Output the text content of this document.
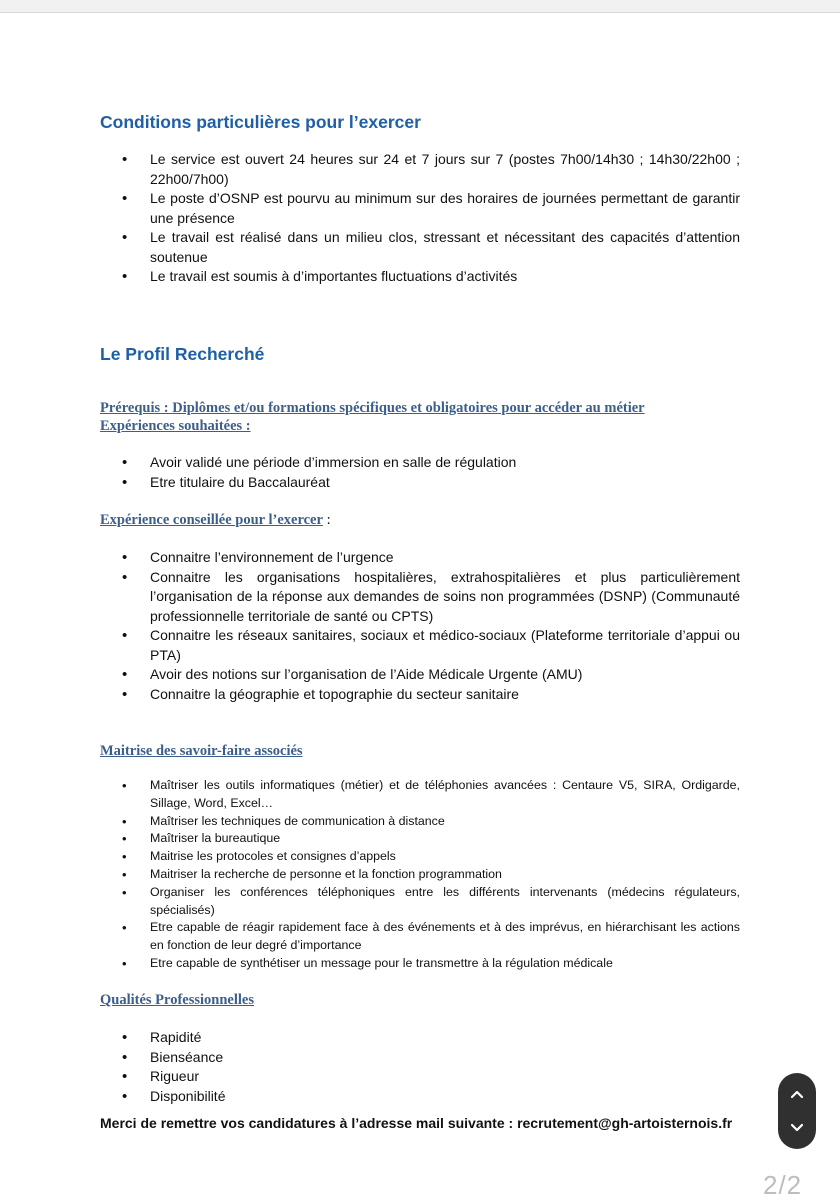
Conditions particulières pour l’exercer
• Le service est ouvert 24 heures sur 24 et 7 jours sur 7 (postes 7h00/14h30 ; 14h30/22h00 ; 22h00/7h00)
• Le poste d’OSNP est pourvu au minimum sur des horaires de journées permettant de garantir une présence
• Le travail est réalisé dans un milieu clos, stressant et nécessitant des capacités d’attention soutenue
• Le travail est soumis à d’importantes fluctuations d’activités
Le Profil Recherché

Prérequis : Diplômes et/ou formations spécifiques et obligatoires pour accéder au métier

Expériences souhaitées :

• Avoir validé une période d’immersion en salle de régulation
• Etre titulaire du Baccalauréat

Expérience conseillée pour l’exercer :

• Connaitre l’environnement de l’urgence
• Connaitre les organisations hospitalières, extrahospitalières et plus particulièrement l’organisation de la réponse aux demandes de soins non programmées (DSNP) (Communauté professionnelle territoriale de santé ou CPTS)
• Connaitre les réseaux sanitaires, sociaux et médico-sociaux (Plateforme territoriale d’appui ou PTA)
• Avoir des notions sur l’organisation de l’Aide Médicale Urgente (AMU)
• Connaitre la géographie et topographie du secteur sanitaire

Maitrise des savoir-faire associés

• Maîtriser les outils informatiques (métier) et de téléphonies avancées : Centaure V5, SIRA, Ordigarde, Sillage, Word, Excel…
• Maîtriser les techniques de communication à distance
• Maîtriser la bureautique
• Maitrise les protocoles et consignes d’appels
• Maitriser la recherche de personne et la fonction programmation
• Organiser les conférences téléphoniques entre les différents intervenants (médecins régulateurs, spécialisés)
• Etre capable de réagir rapidement face à des événements et à des imprévus, en hiérarchisant les actions en fonction de leur degré d’importance
• Etre capable de synthétiser un message pour le transmettre à la régulation médicale

Qualités Professionnelles

• Rapidité
• Bienséance
• Rigueur
• Disponibilité

Merci de remettre vos candidatures à l’adresse mail suivante : recrutement@gh-artoisternois.fr

2/2
